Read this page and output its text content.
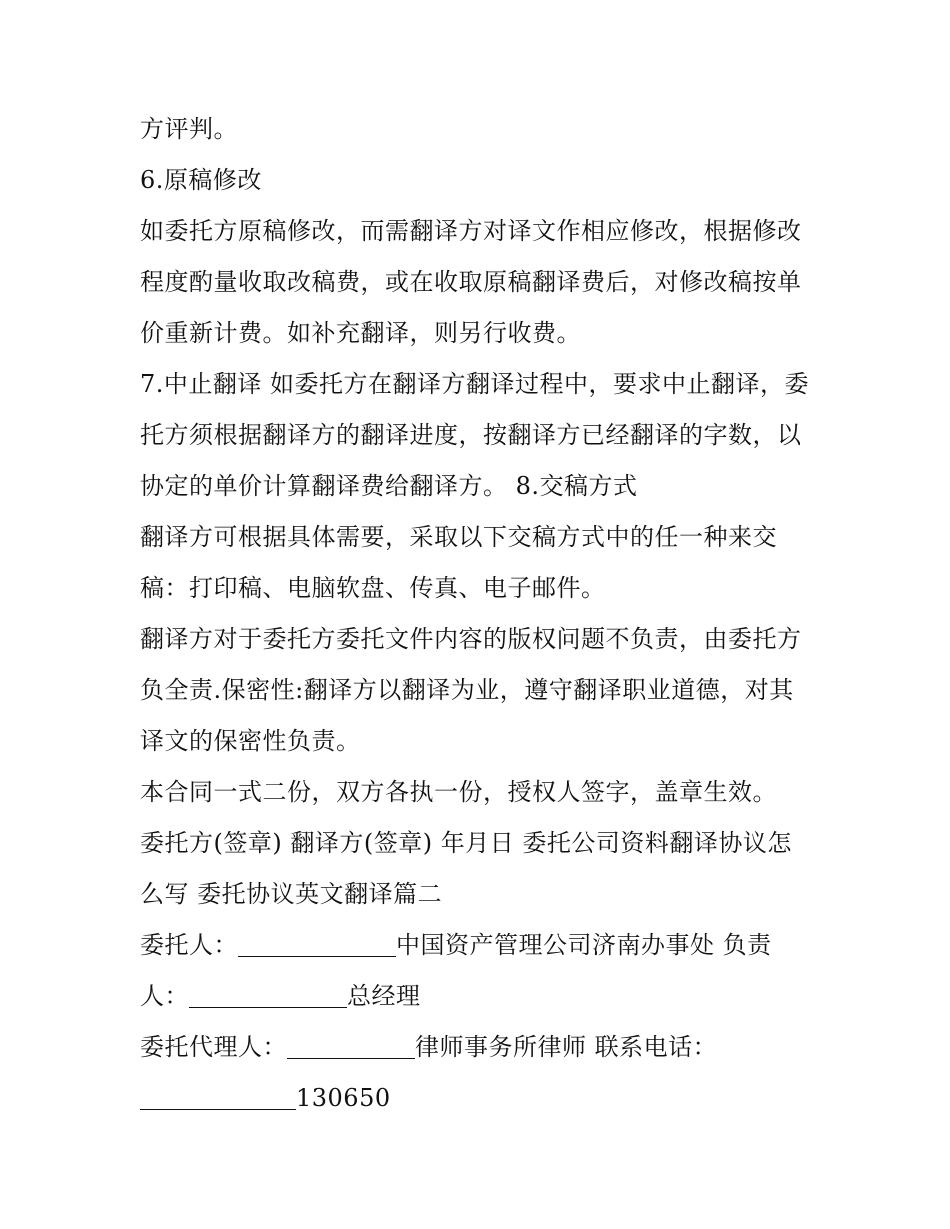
方评判。

6.原稿修改

如委托方原稿修改，而需翻译方对译文作相应修改，根据修改

程度酌量收取改稿费，或在收取原稿翻译费后，对修改稿按单

价重新计费。如补充翻译，则另行收费。

7.中止翻译 如委托方在翻译方翻译过程中，要求中止翻译，委

托方须根据翻译方的翻译进度，按翻译方已经翻译的字数，以

协定的单价计算翻译费给翻译方。 8.交稿方式

翻译方可根据具体需要，采取以下交稿方式中的任一种来交

稿：打印稿、电脑软盘、传真、电子邮件。

翻译方对于委托方委托文件内容的版权问题不负责，由委托方

负全责.保密性:翻译方以翻译为业，遵守翻译职业道德，对其

译文的保密性负责。

本合同一式二份，双方各执一份，授权人签字，盖章生效。

委托方(签章) 翻译方(签章) 年月日 委托公司资料翻译协议怎

么写 委托协议英文翻译篇二

委托人：	中国资产管理公司济南办事处 负责

人：	总经理

委托代理人：	律师事务所律师 联系电话：

130650
